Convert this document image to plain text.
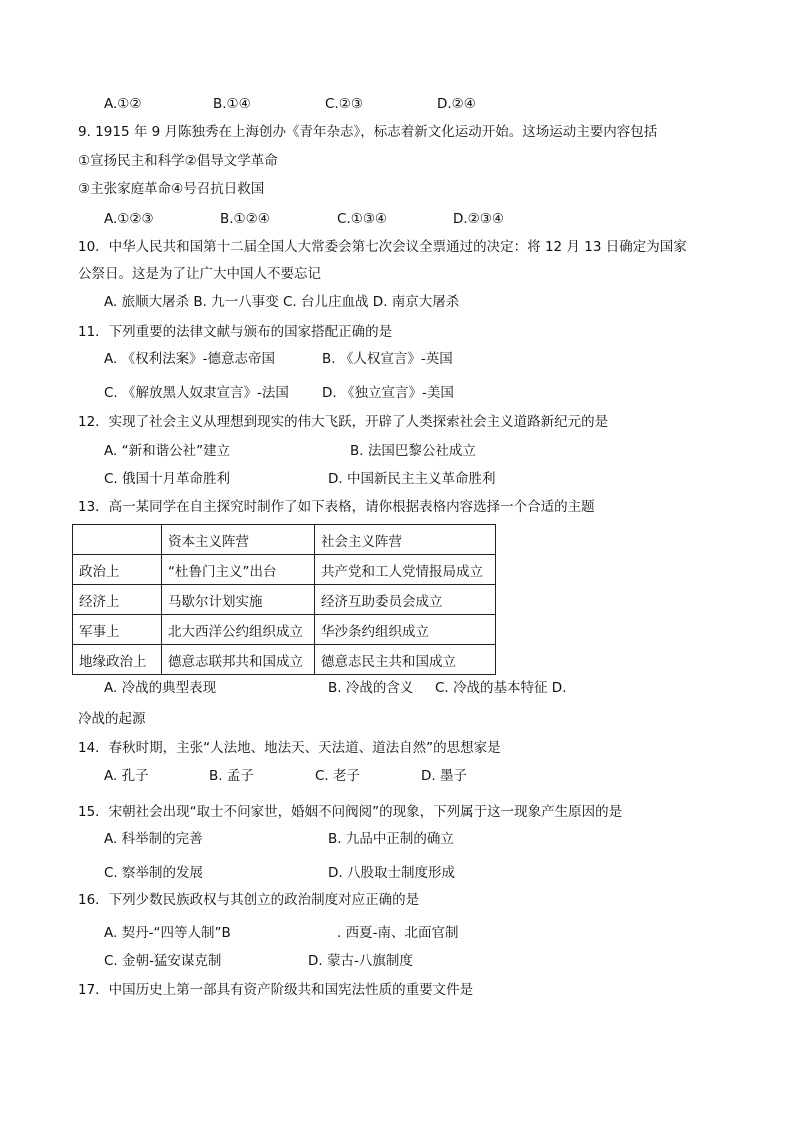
A.①②	B.①④	C.②③	D.②④
9. 1915 年 9 月陈独秀在上海创办《青年杂志》，标志着新文化运动开始。这场运动主要内容包括
①宣扬民主和科学②倡导文学革命
③主张家庭革命④号召抗日救国
A.①②③	B.①②④	C.①③④	D.②③④
10．中华人民共和国第十二届全国人大常委会第七次会议全票通过的决定：将 12 月 13 日确定为国家
公祭日。这是为了让广大中国人不要忘记
A. 旅顺大屠杀 B. 九一八事变 C. 台儿庄血战 D. 南京大屠杀
11．下列重要的法律文献与颁布的国家搭配正确的是
A. 《权利法案》-德意志帝国	B. 《人权宣言》-英国
C. 《解放黑人奴隶宣言》-法国 D. 《独立宣言》-美国
12．实现了社会主义从理想到现实的伟大飞跃，开辟了人类探索社会主义道路新纪元的是
A. “新和谐公社”建立	B. 法国巴黎公社成立
C. 俄国十月革命胜利	D. 中国新民主主义革命胜利
13．高一某同学在自主探究时制作了如下表格，请你根据表格内容选择一个合适的主题
	资本主义阵营	社会主义阵营
政治上	“杜鲁门主义”出台	共产党和工人党情报局成立
经济上	马歇尔计划实施	经济互助委员会成立
军事上	北大西洋公约组织成立	华沙条约组织成立
地缘政治上	德意志联邦共和国成立	德意志民主共和国成立
A. 冷战的典型表现	B. 冷战的含义 C. 冷战的基本特征 D.
冷战的起源
14．春秋时期，主张“人法地、地法天、天法道、道法自然”的思想家是
A. 孔子	B. 孟子	C. 老子	D. 墨子
15．宋朝社会出现“取士不问家世，婚姻不问阀阅”的现象，下列属于这一现象产生原因的是
A. 科举制的完善	B. 九品中正制的确立
C. 察举制的发展	D. 八股取士制度形成
16．下列少数民族政权与其创立的政治制度对应正确的是
A. 契丹-“四等人制”B	. 西夏-南、北面官制
C. 金朝-猛安谋克制	D. 蒙古-八旗制度
17．中国历史上第一部具有资产阶级共和国宪法性质的重要文件是
